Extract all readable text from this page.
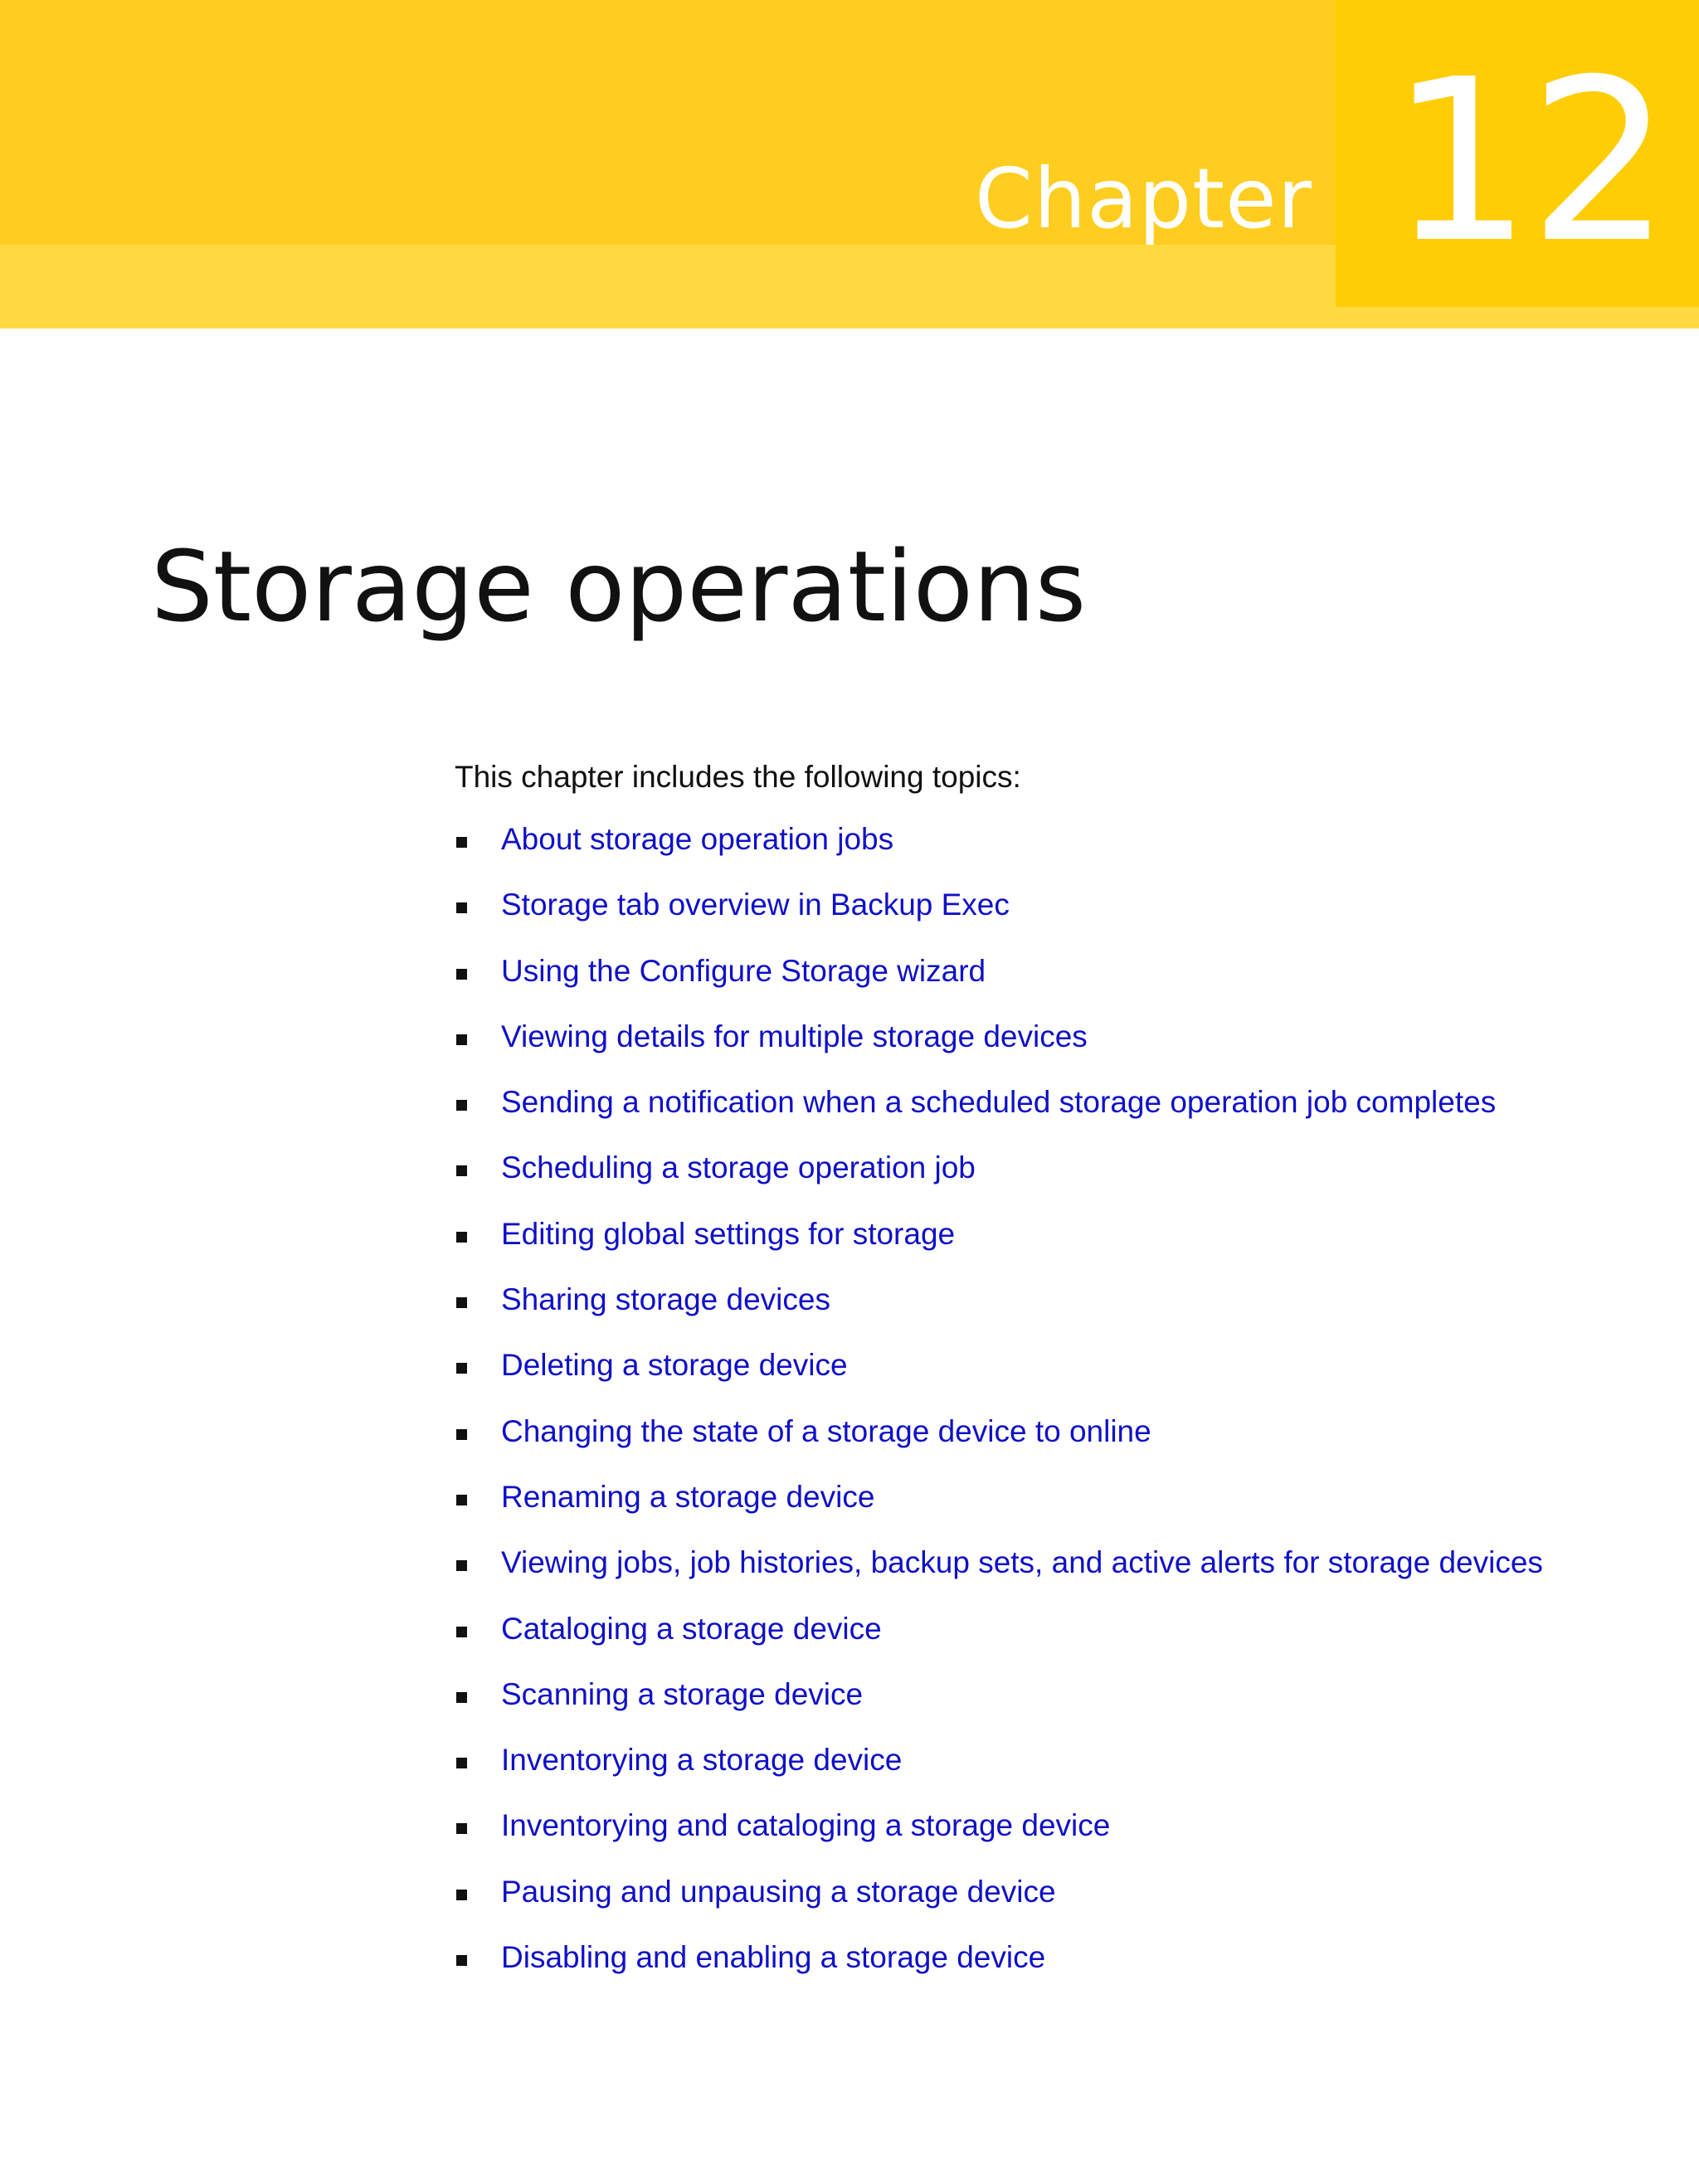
Chapter 12
Storage operations
This chapter includes the following topics:
About storage operation jobs
Storage tab overview in Backup Exec
Using the Configure Storage wizard
Viewing details for multiple storage devices
Sending a notification when a scheduled storage operation job completes
Scheduling a storage operation job
Editing global settings for storage
Sharing storage devices
Deleting a storage device
Changing the state of a storage device to online
Renaming a storage device
Viewing jobs, job histories, backup sets, and active alerts for storage devices
Cataloging a storage device
Scanning a storage device
Inventorying a storage device
Inventorying and cataloging a storage device
Pausing and unpausing a storage device
Disabling and enabling a storage device
